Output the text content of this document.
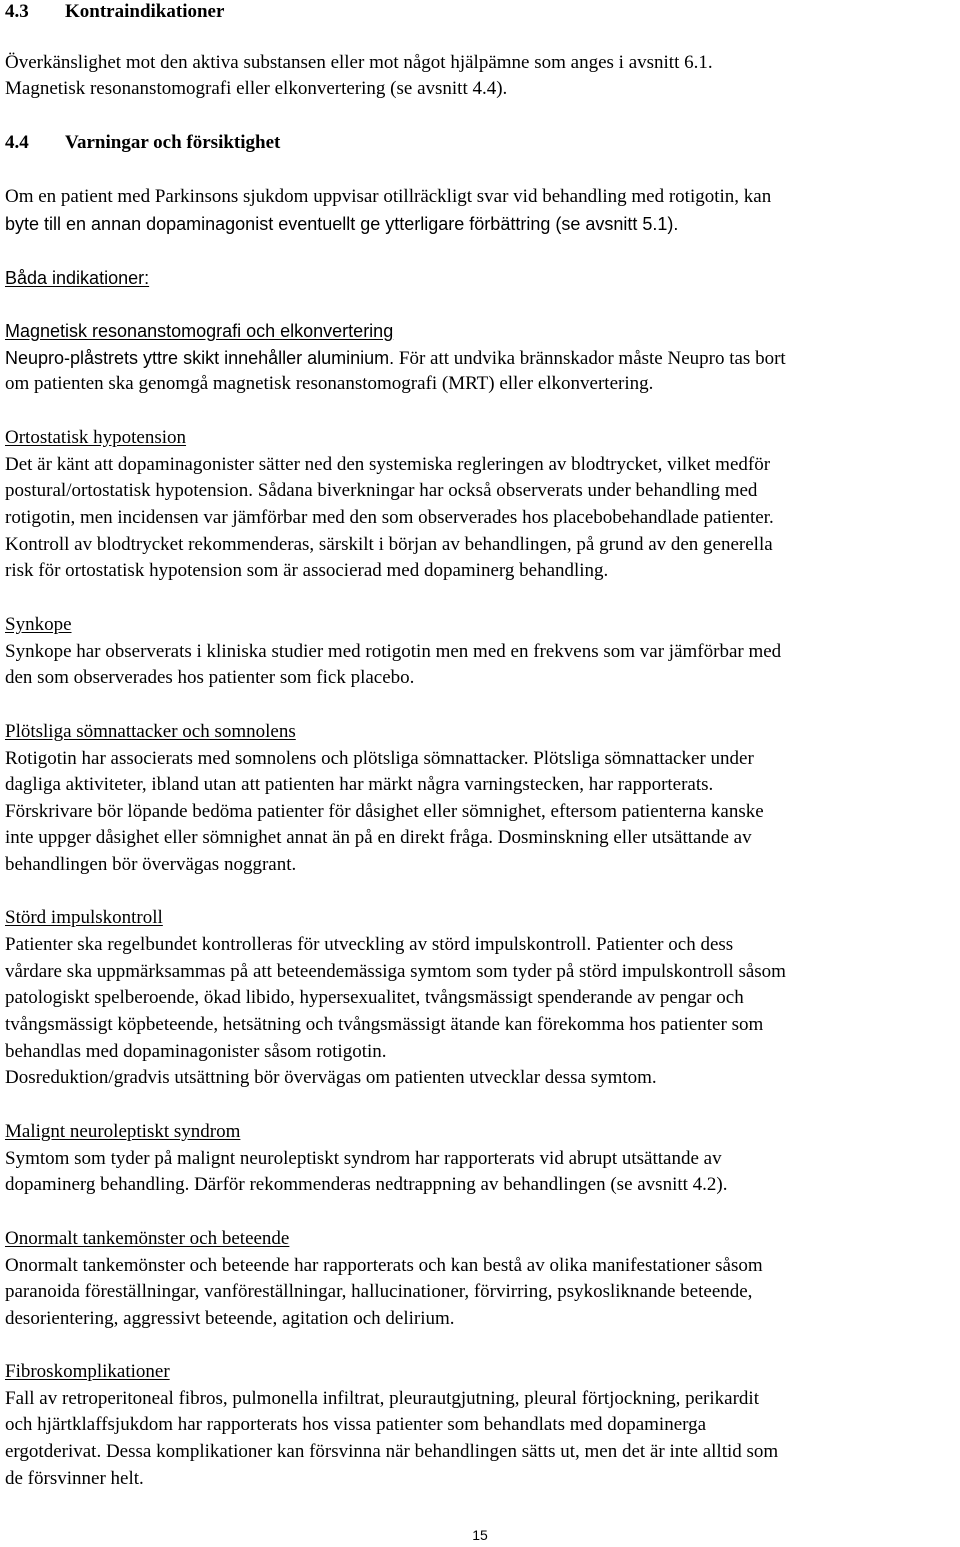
4.3 Kontraindikationer
Överkänslighet mot den aktiva substansen eller mot något hjälpämne som anges i avsnitt 6.1.
Magnetisk resonanstomografi eller elkonvertering (se avsnitt 4.4).
4.4 Varningar och försiktighet
Om en patient med Parkinsons sjukdom uppvisar otillräckligt svar vid behandling med rotigotin, kan
byte till en annan dopaminagonist eventuellt ge ytterligare förbättring (se avsnitt 5.1).
Båda indikationer:
Magnetisk resonanstomografi och elkonvertering
Neupro-plåstrets yttre skikt innehåller aluminium. För att undvika brännskador måste Neupro tas bort
om patienten ska genomgå magnetisk resonanstomografi (MRT) eller elkonvertering.
Ortostatisk hypotension
Det är känt att dopaminagonister sätter ned den systemiska regleringen av blodtrycket, vilket medför
postural/ortostatisk hypotension. Sådana biverkningar har också observerats under behandling med
rotigotin, men incidensen var jämförbar med den som observerades hos placebobehandlade patienter.
Kontroll av blodtrycket rekommenderas, särskilt i början av behandlingen, på grund av den generella
risk för ortostatisk hypotension som är associerad med dopaminerg behandling.
Synkope
Synkope har observerats i kliniska studier med rotigotin men med en frekvens som var jämförbar med
den som observerades hos patienter som fick placebo.
Plötsliga sömnattacker och somnolens
Rotigotin har associerats med somnolens och plötsliga sömnattacker. Plötsliga sömnattacker under
dagliga aktiviteter, ibland utan att patienten har märkt några varningstecken, har rapporterats.
Förskrivare bör löpande bedöma patienter för dåsighet eller sömnighet, eftersom patienterna kanske
inte uppger dåsighet eller sömnighet annat än på en direkt fråga. Dosminskning eller utsättande av
behandlingen bör övervägas noggrant.
Störd impulskontroll
Patienter ska regelbundet kontrolleras för utveckling av störd impulskontroll. Patienter och dess
vårdare ska uppmärksammas på att beteendemässiga symtom som tyder på störd impulskontroll såsom
patologiskt spelberoende, ökad libido, hypersexualitet, tvångsmässigt spenderande av pengar och
tvångsmässigt köpbeteende, hetsätning och tvångsmässigt ätande kan förekomma hos patienter som
behandlas med dopaminagonister såsom rotigotin.
Dosreduktion/gradvis utsättning bör övervägas om patienten utvecklar dessa symtom.
Malignt neuroleptiskt syndrom
Symtom som tyder på malignt neuroleptiskt syndrom har rapporterats vid abrupt utsättande av
dopaminerg behandling. Därför rekommenderas nedtrappning av behandlingen (se avsnitt 4.2).
Onormalt tankemönster och beteende
Onormalt tankemönster och beteende har rapporterats och kan bestå av olika manifestationer såsom
paranoida föreställningar, vanföreställningar, hallucinationer, förvirring, psykosliknande beteende,
desorientering, aggressivt beteende, agitation och delirium.
Fibroskomplikationer
Fall av retroperitoneal fibros, pulmonella infiltrat, pleurautgjutning, pleural förtjockning, perikardit
och hjärtklaffsjukdom har rapporterats hos vissa patienter som behandlats med dopaminerga
ergotderivat. Dessa komplikationer kan försvinna när behandlingen sätts ut, men det är inte alltid som
de försvinner helt.
15
